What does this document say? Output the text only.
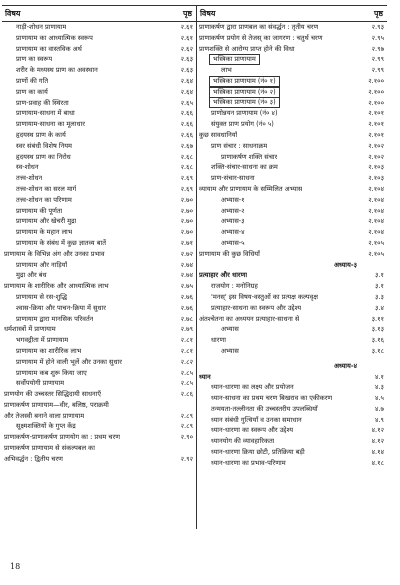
विषय	पृष्ठ
नाड़ी-शोधन प्राणायाम	२.६१
प्राणायाम का आध्यात्मिक स्वरूप	२.६१
प्राणायाम का वास्तविक अर्थ	२.६२
प्राण का स्वरूप	२.६३
शरीर के मध्यस्थ प्राण का अवस्थान	२.६३
प्राणों की गति	२.६४
प्राण का कार्य	२.६४
प्राण-प्रवाह की स्थिरता	२.६५
प्राणायाम-साधना में बाधा	२.६६
प्राणायाम-साधना का मूलाधार	२.६६
हृदयस्थ प्राण के कार्य	२.६६
स्वर संबंधी विशेष नियम	२.६७
हृदयस्थ प्राण का निरोध	२.६८
स्व-शोधन	२.६८
तत्त्व-शोधन	२.६९
तत्त्व-शोधन का सरल मार्ग	२.६९
तत्त्व-शोधन का परिणाम	२.७०
प्राणायाम की पूर्णता	२.७०
प्राणायाम और खेचरी मुद्रा	२.७०
प्राणायाम के महान लाभ	२.७०
प्राणायाम के संबंध में कुछ ज्ञातव्य बातें	२.७१
प्राणायाम के विभिन्न अंग और उनका प्रभाव	२.७२
प्राणायाम और नाड़ियाँ	२.७४
मुद्रा और बंध	२.७४
प्राणायाम के शारीरिक और आध्यात्मिक लाभ	२.७५
प्राणायाम से रस-शुद्धि	२.७६
श्वास-क्रिया और पाचन-क्रिया में सुधार	२.७६
प्राणायाम द्वारा मानसिक परिवर्तन	२.७८
धर्मशास्त्रों में प्राणायाम	२.७९
भगवद्गीता में प्राणायाम	२.८१
प्राणायाम का शारीरिक लाभ	२.८१
प्राणायाम में होने वाली भूलें और उनका सुधार	२.८२
प्राणायाम कब शुरू किया जाए	२.८५
सर्वोपयोगी प्राणायाम	२.८५
प्राणयोग की उच्चस्तर सिद्धिदायी साधनाएँ	२.८६
प्राणाकर्षण प्राणायाम—वीर, बलिष्ठ, पराक्रमी
और तेजस्वी बनाने वाला प्राणायाम	२.८९
सूक्ष्मशक्तियों के गुप्त केंद्र	२.८९
प्राणाकर्षण-प्राणाकर्षण प्राणयोग का : प्रथम चरण	२.९०
प्राणाकर्षण प्राणायाम से संकल्पबल का
अभिवर्द्धन : द्वितीय चरण	२.९२
विषय	पृष्ठ
प्राणाकर्षण द्वारा प्राणबल का संवर्द्धन : तृतीय चरण	२.९३
प्राणाकर्षण प्रयोग से तेजस् का जागरण : चतुर्थ चरण	२.९५
प्राणशक्ति से आरोग्य प्राप्त होने की विधा	२.९७
भस्त्रिका प्राणायाम	२.९९
लाभ	२.९९
भस्त्रिका प्राणायाम (नं० १)	२.१००
भस्त्रिका प्राणायाम (नं० २)	२.१००
भस्त्रिका प्राणायाम (नं० ३)	२.१००
प्राणोन्नयन प्राणायाम (नं० ४)	२.१०१
संयुक्त प्राण प्रयोग (नं० ५)	२.१०१
कुछ सावधानियाँ	२.१०१
प्राण संचार : साधनाक्रम	२.१०२
प्राणाकर्षण शक्ति संचार	२.१०२
शक्ति-संचार-साधना का क्रम	२.१०३
प्राण-संचार-साधना	२.१०३
व्यायाम और प्राणायाम के सम्मिलित अभ्यास	२.१०४
अभ्यास-१	२.१०४
अभ्यास-२	२.१०४
अभ्यास-३	२.१०४
अभ्यास-४	२.१०४
अभ्यास-५	२.१०५
प्राणायाम की कुछ विधियाँ	२.१०५
अध्याय-३
प्रत्याहार और धारणा	३.१
राजयोग : मनोनिग्रह	३.१
'मनस्' इस विषय-वस्तुओं का प्रत्यक्ष कल्पवृक्ष	३.३
प्रत्याहार-साधना का स्वरूप और उद्देश्य	३.४
अंतश्चेतना का अध्ययन प्रत्याहार-साधना से	३.११
अभ्यास	३.१३
धारणा	३.१६
अभ्यास	३.१८
अध्याय-४
ध्यान	४.१
ध्यान-धारणा का लक्ष्य और प्रयोजन	४.३
ध्यान-साधना का प्रथम चरण बिखराव का एकीकरण	४.५
तन्मयता-तल्लीनता की उच्चस्तरीय उपलब्धियाँ	४.७
ध्यान संबंधी गुत्थियाँ व उनका समाधान	४.९
ध्यान-धारणा का स्वरूप और उद्देश्य	४.१२
ध्यानयोग की व्यावहारिकता	४.१२
ध्यान-धारणा क्रिया छोटी, प्रतिक्रिया बड़ी	४.१४
ध्यान-धारणा का प्रभाव-परिणाम	४.१८
18
